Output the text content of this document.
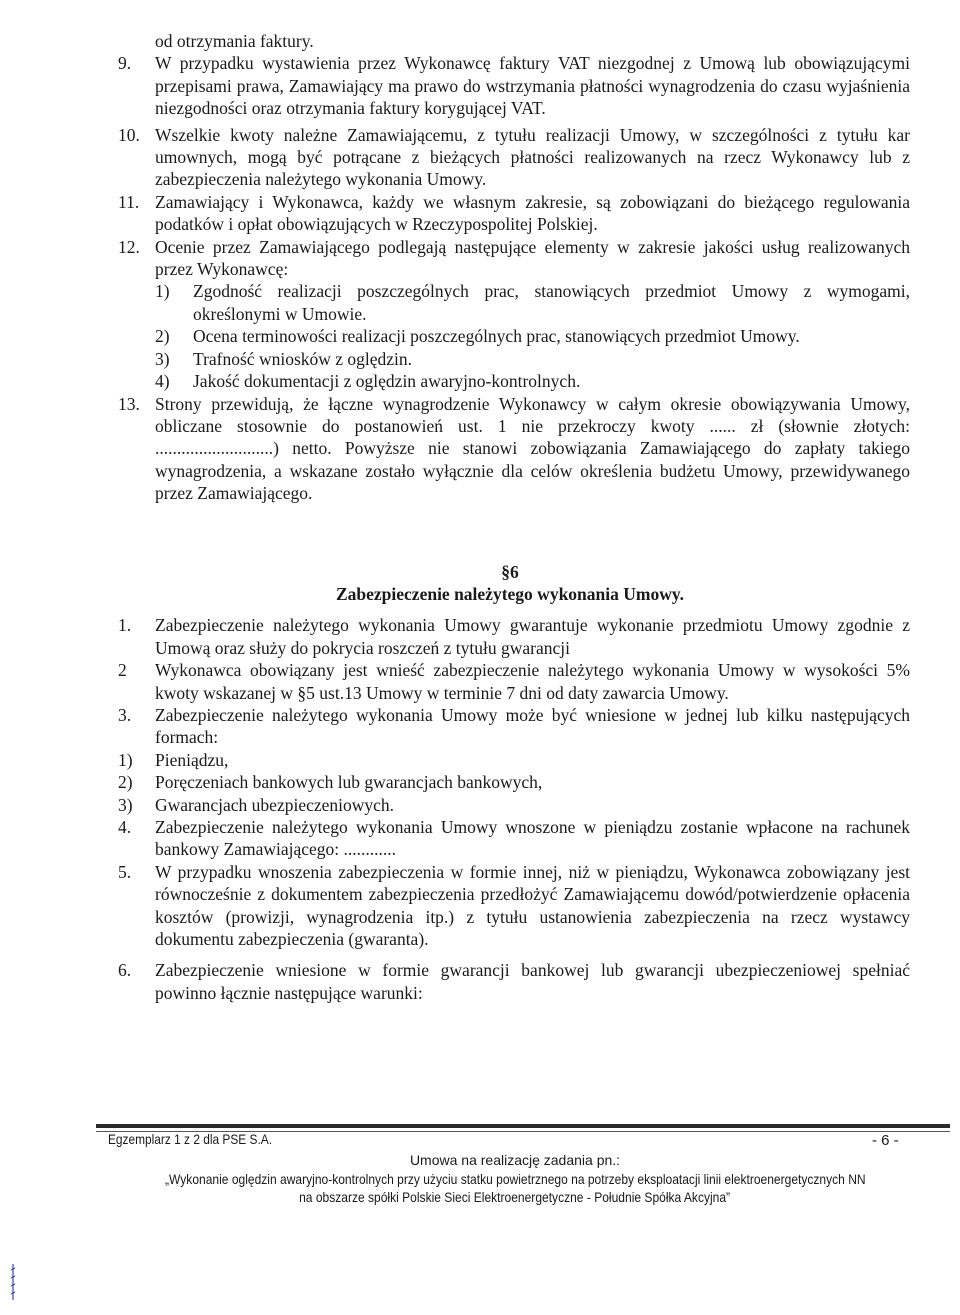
od otrzymania faktury.
9. W przypadku wystawienia przez Wykonawcę faktury VAT niezgodnej z Umową lub obowiązującymi przepisami prawa, Zamawiający ma prawo do wstrzymania płatności wynagrodzenia do czasu wyjaśnienia niezgodności oraz otrzymania faktury korygującej VAT.
10. Wszelkie kwoty należne Zamawiającemu, z tytułu realizacji Umowy, w szczególności z tytułu kar umownych, mogą być potrącane z bieżących płatności realizowanych na rzecz Wykonawcy lub z zabezpieczenia należytego wykonania Umowy.
11. Zamawiający i Wykonawca, każdy we własnym zakresie, są zobowiązani do bieżącego regulowania podatków i opłat obowiązujących w Rzeczypospolitej Polskiej.
12. Ocenie przez Zamawiającego podlegają następujące elementy w zakresie jakości usług realizowanych przez Wykonawcę:
1) Zgodność realizacji poszczególnych prac, stanowiących przedmiot Umowy z wymogami, określonymi w Umowie.
2) Ocena terminowości realizacji poszczególnych prac, stanowiących przedmiot Umowy.
3) Trafność wniosków z oględzin.
4) Jakość dokumentacji z oględzin awaryjno-kontrolnych.
13. Strony przewidują, że łączne wynagrodzenie Wykonawcy w całym okresie obowiązywania Umowy, obliczane stosownie do postanowień ust. 1 nie przekroczy kwoty ...... zł (słownie złotych: ...........................) netto. Powyższe nie stanowi zobowiązania Zamawiającego do zapłaty takiego wynagrodzenia, a wskazane zostało wyłącznie dla celów określenia budżetu Umowy, przewidywanego przez Zamawiającego.
§6
Zabezpieczenie należytego wykonania Umowy.
1. Zabezpieczenie należytego wykonania Umowy gwarantuje wykonanie przedmiotu Umowy zgodnie z Umową oraz służy do pokrycia roszczeń z tytułu gwarancji
2 Wykonawca obowiązany jest wnieść zabezpieczenie należytego wykonania Umowy w wysokości 5% kwoty wskazanej w §5 ust.13 Umowy w terminie 7 dni od daty zawarcia Umowy.
3. Zabezpieczenie należytego wykonania Umowy może być wniesione w jednej lub kilku następujących formach:
1) Pieniądzu,
2) Poręczeniach bankowych lub gwarancjach bankowych,
3) Gwarancjach ubezpieczeniowych.
4. Zabezpieczenie należytego wykonania Umowy wnoszone w pieniądzu zostanie wpłacone na rachunek bankowy Zamawiającego: ............
5. W przypadku wnoszenia zabezpieczenia w formie innej, niż w pieniądzu, Wykonawca zobowiązany jest równocześnie z dokumentem zabezpieczenia przedłożyć Zamawiającemu dowód/potwierdzenie opłacenia kosztów (prowizji, wynagrodzenia itp.) z tytułu ustanowienia zabezpieczenia na rzecz wystawcy dokumentu zabezpieczenia (gwaranta).
6. Zabezpieczenie wniesione w formie gwarancji bankowej lub gwarancji ubezpieczeniowej spełniać powinno łącznie następujące warunki:
Egzemplarz 1 z 2 dla PSE S.A.	- 6 -
Umowa na realizację zadania pn.:
„Wykonanie oględzin awaryjno-kontrolnych przy użyciu statku powietrznego na potrzeby eksploatacji linii elektroenergetycznych NN
na obszarze spółki Polskie Sieci Elektroenergetyczne - Południe Spółka Akcyjna”
